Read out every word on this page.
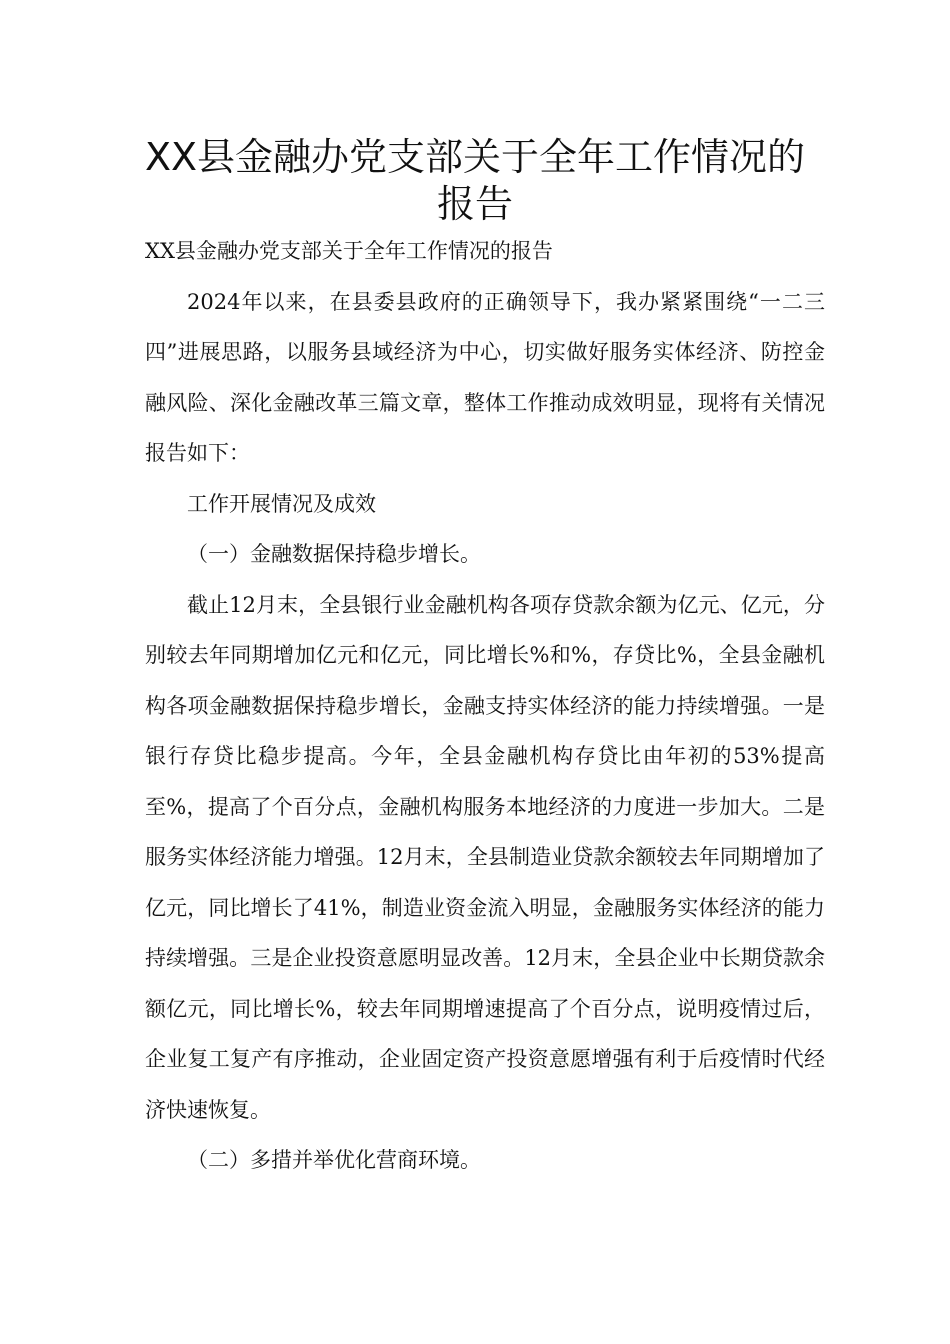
XX县金融办党支部关于全年工作情况的
报告

XX县金融办党支部关于全年工作情况的报告

2024年以来，在县委县政府的正确领导下，我办紧紧围绕“一二三四”进展思路，以服务县域经济为中心，切实做好服务实体经济、防控金融风险、深化金融改革三篇文章，整体工作推动成效明显，现将有关情况报告如下：

工作开展情况及成效

（一）金融数据保持稳步增长。

截止12月末，全县银行业金融机构各项存贷款余额为亿元、亿元，分别较去年同期增加亿元和亿元，同比增长%和%，存贷比%，全县金融机构各项金融数据保持稳步增长，金融支持实体经济的能力持续增强。一是银行存贷比稳步提高。今年，全县金融机构存贷比由年初的53%提高至%，提高了个百分点，金融机构服务本地经济的力度进一步加大。二是服务实体经济能力增强。12月末，全县制造业贷款余额较去年同期增加了亿元，同比增长了41%，制造业资金流入明显，金融服务实体经济的能力持续增强。三是企业投资意愿明显改善。12月末，全县企业中长期贷款余额亿元，同比增长%，较去年同期增速提高了个百分点，说明疫情过后，企业复工复产有序推动，企业固定资产投资意愿增强有利于后疫情时代经济快速恢复。

（二）多措并举优化营商环境。
